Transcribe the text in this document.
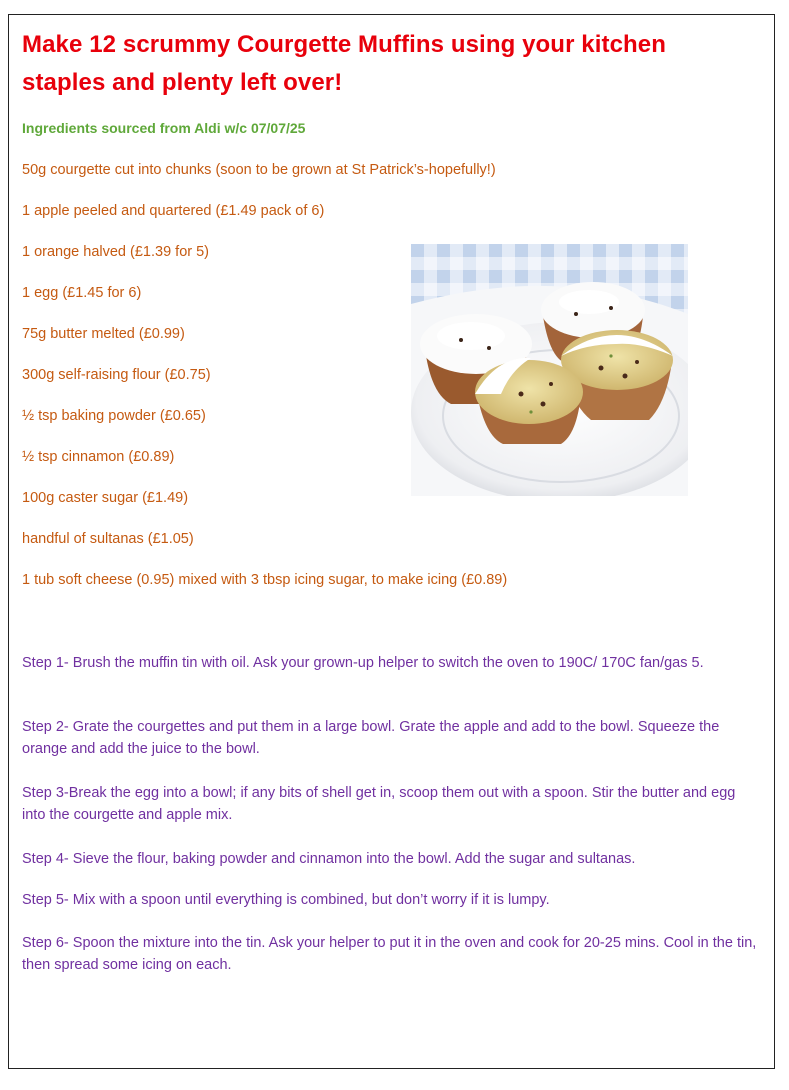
Make 12 scrummy Courgette Muffins using your kitchen staples and plenty left over!

Ingredients sourced from Aldi w/c 07/07/25

50g courgette cut into chunks (soon to be grown at St Patrick’s-hopefully!)

1 apple peeled and quartered (£1.49 pack of 6)

1 orange halved (£1.39 for 5)

1 egg (£1.45 for 6)

75g butter melted (£0.99)

300g self-raising flour (£0.75)

½ tsp baking powder (£0.65)

½ tsp cinnamon (£0.89)

100g caster sugar (£1.49)

handful of sultanas (£1.05)

1 tub soft cheese (0.95) mixed with 3 tbsp icing sugar, to make icing (£0.89)

Step 1- Brush the muffin tin with oil. Ask your grown-up helper to switch the oven to 190C/ 170C fan/gas 5.

Step 2- Grate the courgettes and put them in a large bowl. Grate the apple and add to the bowl. Squeeze the orange and add the juice to the bowl.

Step 3-Break the egg into a bowl; if any bits of shell get in, scoop them out with a spoon. Stir the butter and egg into the courgette and apple mix.

Step 4- Sieve the flour, baking powder and cinnamon into the bowl. Add the sugar and sultanas.

Step 5- Mix with a spoon until everything is combined, but don’t worry if it is lumpy.

Step 6- Spoon the mixture into the tin. Ask your helper to put it in the oven and cook for 20-25 mins. Cool in the tin, then spread some icing on each.
